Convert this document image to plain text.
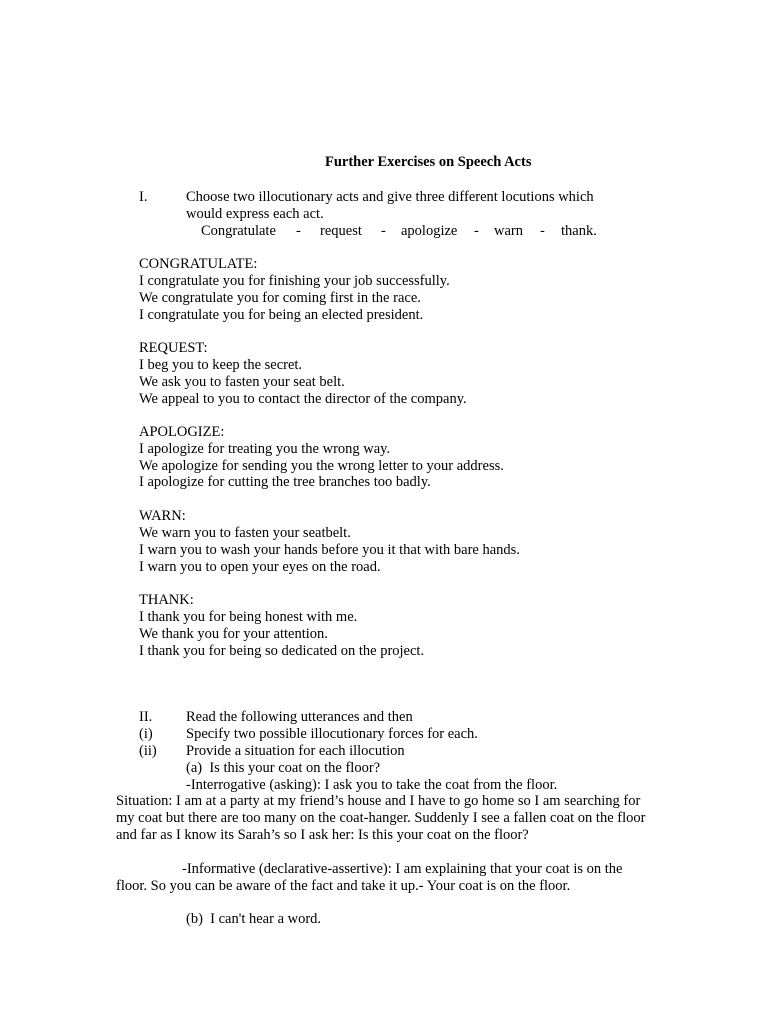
Further Exercises on Speech Acts
I.	Choose two illocutionary acts and give three different locutions which
would express each act.
Congratulate - request - apologize - warn - thank.
CONGRATULATE:
I congratulate you for finishing your job successfully.
We congratulate you for coming first in the race.
I congratulate you for being an elected president.
REQUEST:
I beg you to keep the secret.
We ask you to fasten your seat belt.
We appeal to you to contact the director of the company.
APOLOGIZE:
I apologize for treating you the wrong way.
We apologize for sending you the wrong letter to your address.
I apologize for cutting the tree branches too badly.
WARN:
We warn you to fasten your seatbelt.
I warn you to wash your hands before you it that with bare hands.
I warn you to open your eyes on the road.
THANK:
I thank you for being honest with me.
We thank you for your attention.
I thank you for being so dedicated on the project.
II. Read the following utterances and then
(i) Specify two possible illocutionary forces for each.
(ii) Provide a situation for each illocution
(a)  Is this your coat on the floor?
-Interrogative (asking): I ask you to take the coat from the floor.
Situation: I am at a party at my friend’s house and I have to go home so I am searching for my coat but there are too many on the coat-hanger. Suddenly I see a fallen coat on the floor and far as I know its Sarah’s so I ask her: Is this your coat on the floor?
-Informative (declarative-assertive): I am explaining that your coat is on the floor. So you can be aware of the fact and take it up.- Your coat is on the floor.
(b)  I can't hear a word.
